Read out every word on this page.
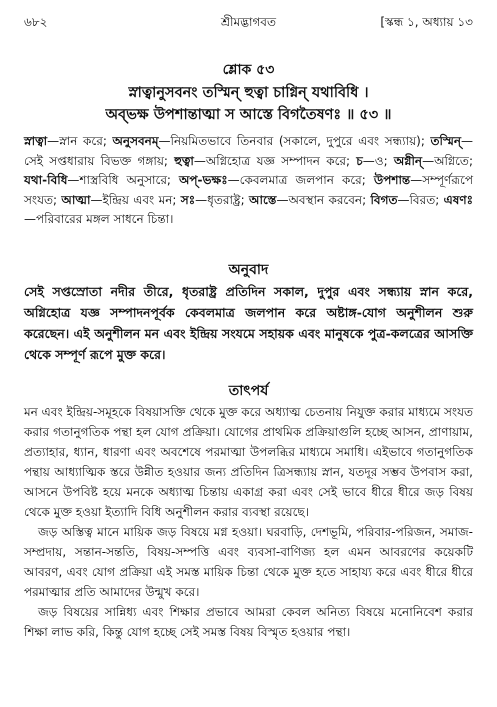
৬৮২	শ্রীমদ্ভাগবত	[স্কন্ধ ১, অধ্যায় ১৩
শ্লোক ৫৩
স্নাত্বানুসবনং তস্মিন্‌ হুত্বা চাগ্নিন্‌ যথাবিধি ।
অব্‌ভক্ষ উপশান্তাত্মা স আস্তে বিগতৈষণঃ ॥ ৫৩ ॥
স্নাত্বা—স্নান করে; অনুসবনম্‌—নিয়মিতভাবে তিনবার (সকালে, দুপুরে এবং সন্ধ্যায়); তস্মিন্‌—সেই সপ্তধারায় বিভক্ত গঙ্গায়; হুত্বা—অগ্নিহোত্র যজ্ঞ সম্পাদন করে; চ—ও; অগ্নীন্‌—অগ্নিতে; যথা-বিধি—শাস্ত্রবিধি অনুসারে; অপ্‌-ভক্ষঃ—কেবলমাত্র জলপান করে; উপশান্ত—সম্পূর্ণরূপে সংযত; আত্মা—ইন্দ্রিয় এবং মন; সঃ—ধৃতরাষ্ট্র; আস্তে—অবস্থান করবেন; বিগত—বিরত; এষণঃ—পরিবারের মঙ্গল সাধনে চিন্তা।
অনুবাদ
সেই সপ্তস্রোতা নদীর তীরে, ধৃতরাষ্ট্র প্রতিদিন সকাল, দুপুর এবং সন্ধ্যায় স্নান করে, অগ্নিহোত্র যজ্ঞ সম্পাদনপূর্বক কেবলমাত্র জলপান করে অষ্টাঙ্গ-যোগ অনুশীলন শুরু করেছেন। এই অনুশীলন মন এবং ইন্দ্রিয় সংযমে সহায়ক এবং মানুষকে পুত্র-কলত্রের আসক্তি থেকে সম্পূর্ণ রূপে মুক্ত করে।
তাৎপর্য

মন এবং ইন্দ্রিয়-সমূহকে বিষয়াসক্তি থেকে মুক্ত করে অধ্যাত্ম চেতনায় নিযুক্ত করার মাধ্যমে সংযত করার গতানুগতিক পন্থা হল যোগ প্রক্রিয়া। যোগের প্রাথমিক প্রক্রিয়াগুলি হচ্ছে আসন, প্রাণায়াম, প্রত্যাহার, ধ্যান, ধারণা এবং অবশেষে পরমাত্মা উপলব্ধির মাধ্যমে সমাধি। এইভাবে গতানুগতিক পন্থায় আধ্যাত্মিক স্তরে উন্নীত হওয়ার জন্য প্রতিদিন ত্রিসন্ধ্যায় স্নান, যতদূর সম্ভব উপবাস করা, আসনে উপবিষ্ট হয়ে মনকে অধ্যাত্ম চিন্তায় একাগ্র করা এবং সেই ভাবে ধীরে ধীরে জড় বিষয় থেকে মুক্ত হওয়া ইত্যাদি বিধি অনুশীলন করার ব্যবস্থা রয়েছে।

জড় অস্তিত্ব মানে মায়িক জড় বিষয়ে মগ্ন হওয়া। ঘরবাড়ি, দেশভূমি, পরিবার-পরিজন, সমাজ-সম্প্রদায়, সন্তান-সন্ততি, বিষয়-সম্পত্তি এবং ব্যবসা-বাণিজ্য হল এমন আবরণের কয়েকটি আবরণ, এবং যোগ প্রক্রিয়া এই সমস্ত মায়িক চিন্তা থেকে মুক্ত হতে সাহায্য করে এবং ধীরে ধীরে পরমাত্মার প্রতি আমাদের উন্মুখ করে।

জড় বিষয়ের সান্নিধ্য এবং শিক্ষার প্রভাবে আমরা কেবল অনিত্য বিষয়ে মনোনিবেশ করার শিক্ষা লাভ করি, কিন্তু যোগ হচ্ছে সেই সমস্ত বিষয় বিস্মৃত হওয়ার পন্থা।
